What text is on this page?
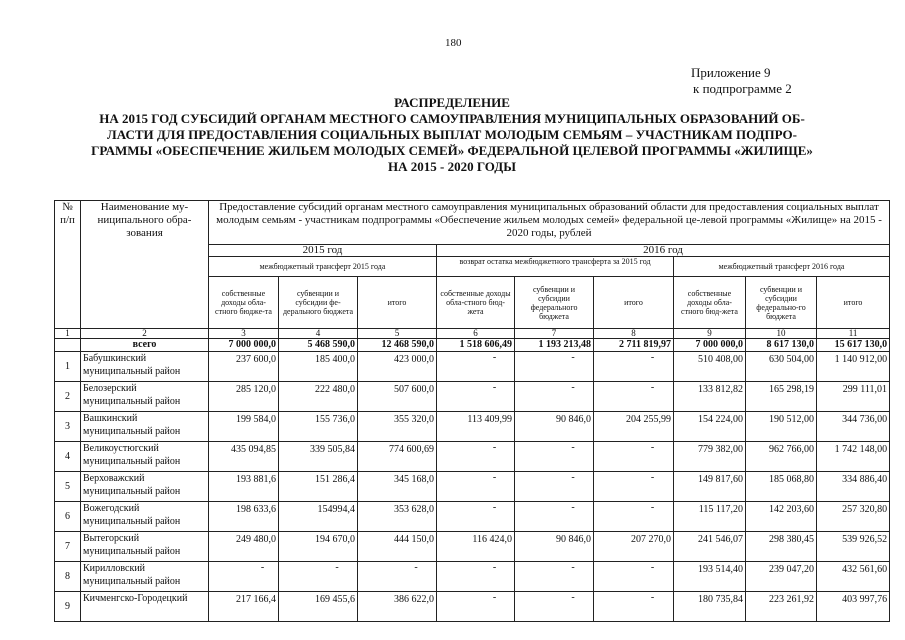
180
Приложение 9
к подпрограмме 2
РАСПРЕДЕЛЕНИЕ
НА 2015 ГОД СУБСИДИЙ ОРГАНАМ МЕСТНОГО САМОУПРАВЛЕНИЯ МУНИЦИПАЛЬНЫХ ОБРАЗОВАНИЙ ОБ-
ЛАСТИ ДЛЯ ПРЕДОСТАВЛЕНИЯ СОЦИАЛЬНЫХ ВЫПЛАТ МОЛОДЫМ СЕМЬЯМ – УЧАСТНИКАМ ПОДПРО-
ГРАММЫ «ОБЕСПЕЧЕНИЕ ЖИЛЬЕМ МОЛОДЫХ СЕМЕЙ» ФЕДЕРАЛЬНОЙ ЦЕЛЕВОЙ ПРОГРАММЫ «ЖИЛИЩЕ»
НА 2015 - 2020 ГОДЫ
№ п/п	Наименование му-ниципального обра-зования	Предоставление субсидий органам местного самоуправления муниципальных образований области для предоставления социальных выплат молодым семьям - участникам подпрограммы «Обеспечение жильем молодых семей» федеральной це-левой программы «Жилище» на 2015 - 2020 годы, рублей								
		2015 год			2016 год					
		межбюджетный трансферт 2015 года			возврат остатка межбюджетного трансферта за 2015 год			межбюджетный трансферт 2016 года		
		собственные доходы обла-стного бюдже-та	субвенции и субсидии фе-дерального бюджета	итого	собственные доходы обла-стного бюд-жета	субвенции и субсидии федерального бюджета	итого	собственные доходы обла-стного бюд-жета	субвенции и субсидии федерально-го бюджета	итого
1	2	3	4	5	6	7	8	9	10	11
	всего	7 000 000,0	5 468 590,0	12 468 590,0	1 518 606,49	1 193 213,48	2 711 819,97	7 000 000,0	8 617 130,0	15 617 130,0
1	Бабушкинский муниципальный район	237 600,0	185 400,0	423 000,0	-	-	-	510 408,00	630 504,00	1 140 912,00
2	Белозерский муниципальный район	285 120,0	222 480,0	507 600,0	-	-	-	133 812,82	165 298,19	299 111,01
3	Вашкинский муниципальный район	199 584,0	155 736,0	355 320,0	113 409,99	90 846,0	204 255,99	154 224,00	190 512,00	344 736,00
4	Великоустюгский муниципальный район	435 094,85	339 505,84	774 600,69	-	-	-	779 382,00	962 766,00	1 742 148,00
5	Верховажский муниципальный район	193 881,6	151 286,4	345 168,0	-	-	-	149 817,60	185 068,80	334 886,40
6	Вожегодский муниципальный район	198 633,6	154994,4	353 628,0	-	-	-	115 117,20	142 203,60	257 320,80
7	Вытегорский муниципальный район	249 480,0	194 670,0	444 150,0	116 424,0	90 846,0	207 270,0	241 546,07	298 380,45	539 926,52
8	Кирилловский муниципальный район	-	-	-	-	-	-	193 514,40	239 047,20	432 561,60
9	Кичменгско-Городецкий	217 166,4	169 455,6	386 622,0	-	-	-	180 735,84	223 261,92	403 997,76
